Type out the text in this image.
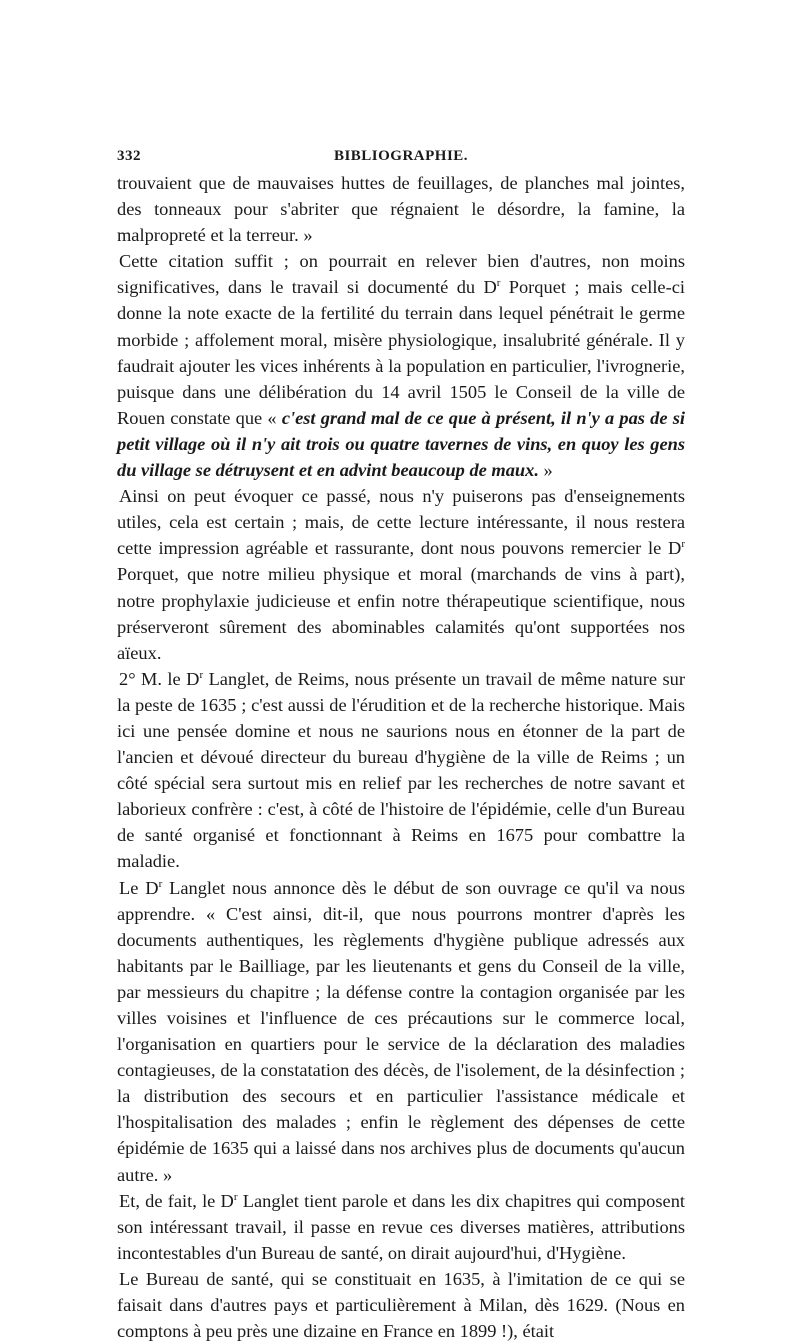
332	BIBLIOGRAPHIE.

trouvaient que de mauvaises huttes de feuillages, de planches mal jointes, des tonneaux pour s'abriter que régnaient le désordre, la famine, la malpropreté et la terreur. »

Cette citation suffit ; on pourrait en relever bien d'autres, non moins significatives, dans le travail si documenté du $D^r$ Porquet ; mais celle-ci donne la note exacte de la fertilité du terrain dans lequel pénétrait le germe morbide ; affolement moral, misère physiologique, insalubrité générale. Il y faudrait ajouter les vices inhérents à la population en particulier, l'ivrognerie, puisque dans une délibération du 14 avril 1505 le Conseil de la ville de Rouen constate que « c'est grand mal de ce que à présent, il n'y a pas de si petit village où il n'y ait trois ou quatre tavernes de vins, en quoy les gens du village se détruysent et en advint beaucoup de maux. »

Ainsi on peut évoquer ce passé, nous n'y puiserons pas d'enseignements utiles, cela est certain ; mais, de cette lecture intéressante, il nous restera cette impression agréable et rassurante, dont nous pouvons remercier le $D^r$ Porquet, que notre milieu physique et moral (marchands de vins à part), notre prophylaxie judicieuse et enfin notre thérapeutique scientifique, nous préserveront sûrement des abominables calamités qu'ont supportées nos aïeux.

2° M. le $D^r$ Langlet, de Reims, nous présente un travail de même nature sur la peste de 1635 ; c'est aussi de l'érudition et de la recherche historique. Mais ici une pensée domine et nous ne saurions nous en étonner de la part de l'ancien et dévoué directeur du bureau d'hygiène de la ville de Reims ; un côté spécial sera surtout mis en relief par les recherches de notre savant et laborieux confrère : c'est, à côté de l'histoire de l'épidémie, celle d'un Bureau de santé organisé et fonctionnant à Reims en 1675 pour combattre la maladie.

Le $D^r$ Langlet nous annonce dès le début de son ouvrage ce qu'il va nous apprendre. « C'est ainsi, dit-il, que nous pourrons montrer d'après les documents authentiques, les règlements d'hygiène publique adressés aux habitants par le Bailliage, par les lieutenants et gens du Conseil de la ville, par messieurs du chapitre ; la défense contre la contagion organisée par les villes voisines et l'influence de ces précautions sur le commerce local, l'organisation en quartiers pour le service de la déclaration des maladies contagieuses, de la constatation des décès, de l'isolement, de la désinfection ; la distribution des secours et en particulier l'assistance médicale et l'hospitalisation des malades ; enfin le règlement des dépenses de cette épidémie de 1635 qui a laissé dans nos archives plus de documents qu'aucun autre. »

Et, de fait, le $D^r$ Langlet tient parole et dans les dix chapitres qui composent son intéressant travail, il passe en revue ces diverses matières, attributions incontestables d'un Bureau de santé, on dirait aujourd'hui, d'Hygiène.

Le Bureau de santé, qui se constituait en 1635, à l'imitation de ce qui se faisait dans d'autres pays et particulièrement à Milan, dès 1629. (Nous en comptons à peu près une dizaine en France en 1899 !), était
